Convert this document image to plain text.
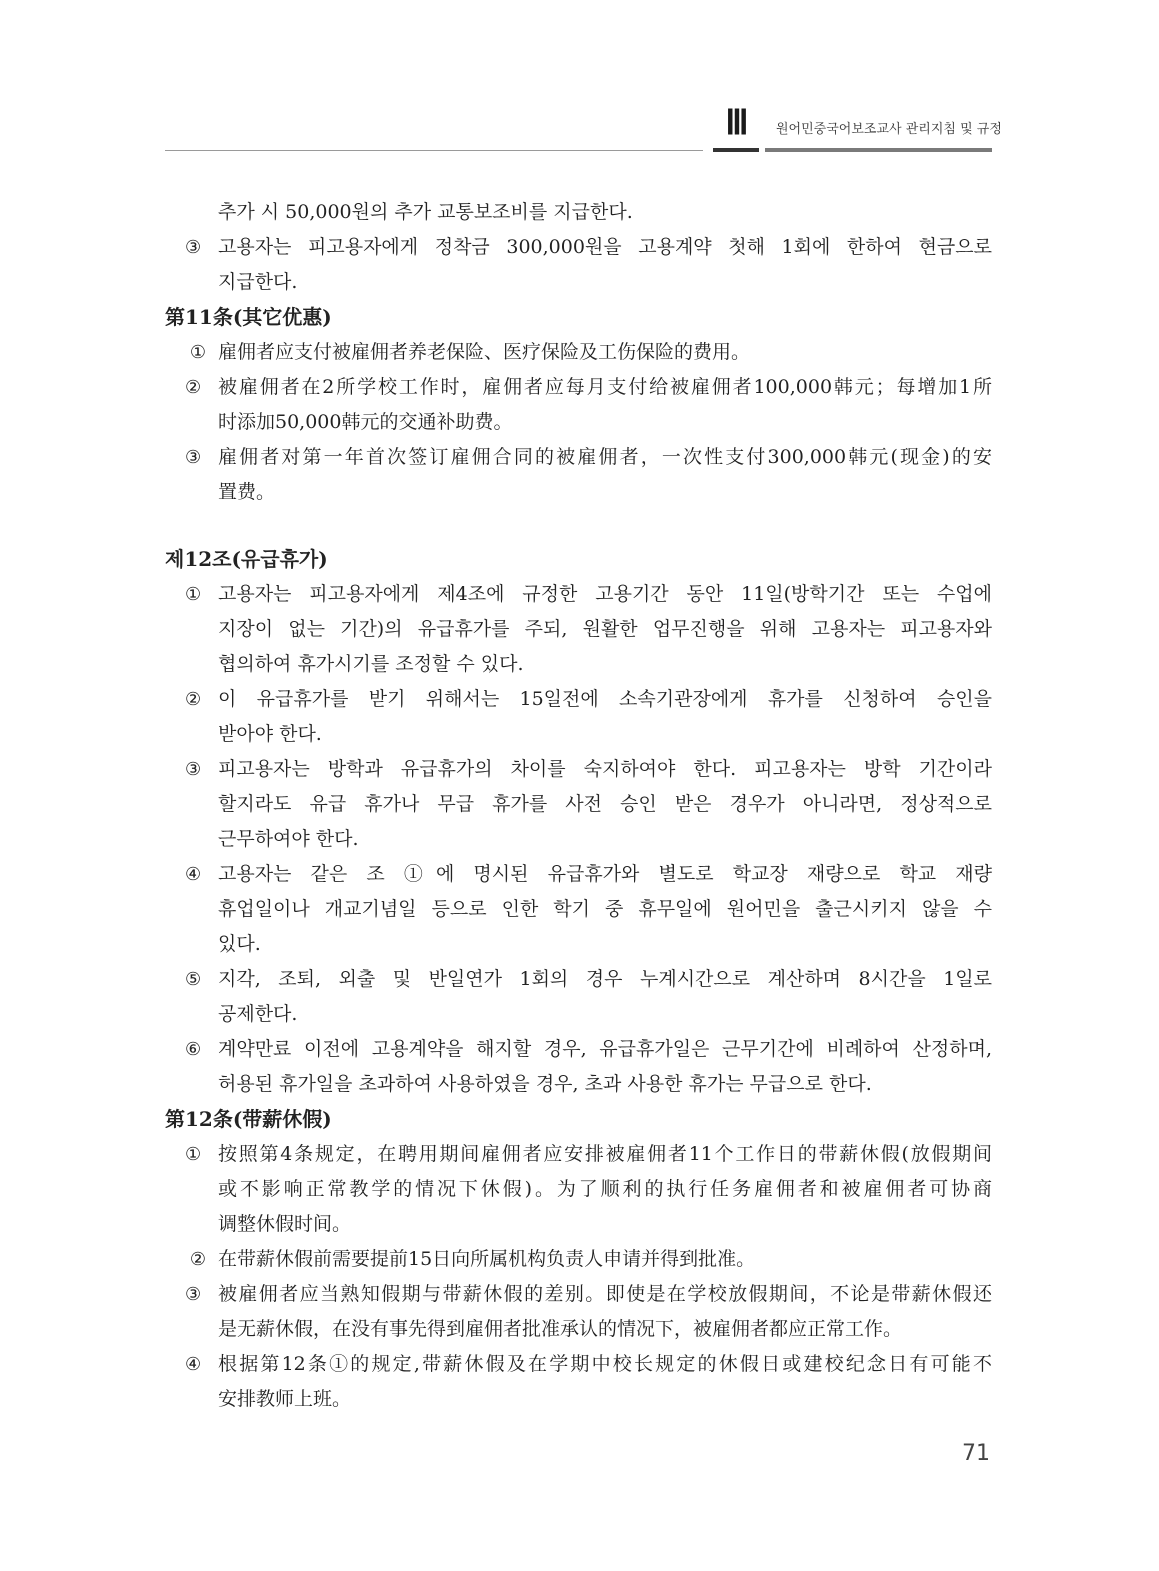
Ⅲ	원어민중국어보조교사 관리지침 및 규정
추가 시 50,000원의 추가 교통보조비를 지급한다.
③ 고용자는 피고용자에게 정착금 300,000원을 고용계약 첫해 1회에 한하여 현금으로
지급한다.
第11条(其它优惠)
① 雇佣者应支付被雇佣者养老保险、医疗保险及工伤保险的费用。
② 被雇佣者在2所学校工作时，雇佣者应每月支付给被雇佣者100,000韩元；每增加1所
时添加50,000韩元的交通补助费。
③ 雇佣者对第一年首次签订雇佣合同的被雇佣者，一次性支付300,000韩元(现金)的安
置费。
제12조(유급휴가)
① 고용자는 피고용자에게 제4조에 규정한 고용기간 동안 11일(방학기간 또는 수업에
지장이 없는 기간)의 유급휴가를 주되, 원활한 업무진행을 위해 고용자는 피고용자와
협의하여 휴가시기를 조정할 수 있다.
② 이 유급휴가를 받기 위해서는 15일전에 소속기관장에게 휴가를 신청하여 승인을
받아야 한다.
③ 피고용자는 방학과 유급휴가의 차이를 숙지하여야 한다. 피고용자는 방학 기간이라
할지라도 유급 휴가나 무급 휴가를 사전 승인 받은 경우가 아니라면, 정상적으로
근무하여야 한다.
④ 고용자는 같은 조 ①에 명시된 유급휴가와 별도로 학교장 재량으로 학교 재량
휴업일이나 개교기념일 등으로 인한 학기 중 휴무일에 원어민을 출근시키지 않을 수
있다.
⑤ 지각, 조퇴, 외출 및 반일연가 1회의 경우 누계시간으로 계산하며 8시간을 1일로
공제한다.
⑥ 계약만료 이전에 고용계약을 해지할 경우, 유급휴가일은 근무기간에 비례하여 산정하며,
허용된 휴가일을 초과하여 사용하였을 경우, 초과 사용한 휴가는 무급으로 한다.
第12条(带薪休假)
① 按照第4条规定，在聘用期间雇佣者应安排被雇佣者11个工作日的带薪休假(放假期间
或不影响正常教学的情况下休假)。为了顺利的执行任务雇佣者和被雇佣者可协商
调整休假时间。
② 在带薪休假前需要提前15日向所属机构负责人申请并得到批准。
③ 被雇佣者应当熟知假期与带薪休假的差别。即使是在学校放假期间，不论是带薪休假还
是无薪休假，在没有事先得到雇佣者批准承认的情况下，被雇佣者都应正常工作。
④ 根据第12条①的规定,带薪休假及在学期中校长规定的休假日或建校纪念日有可能不
安排教师上班。
71
